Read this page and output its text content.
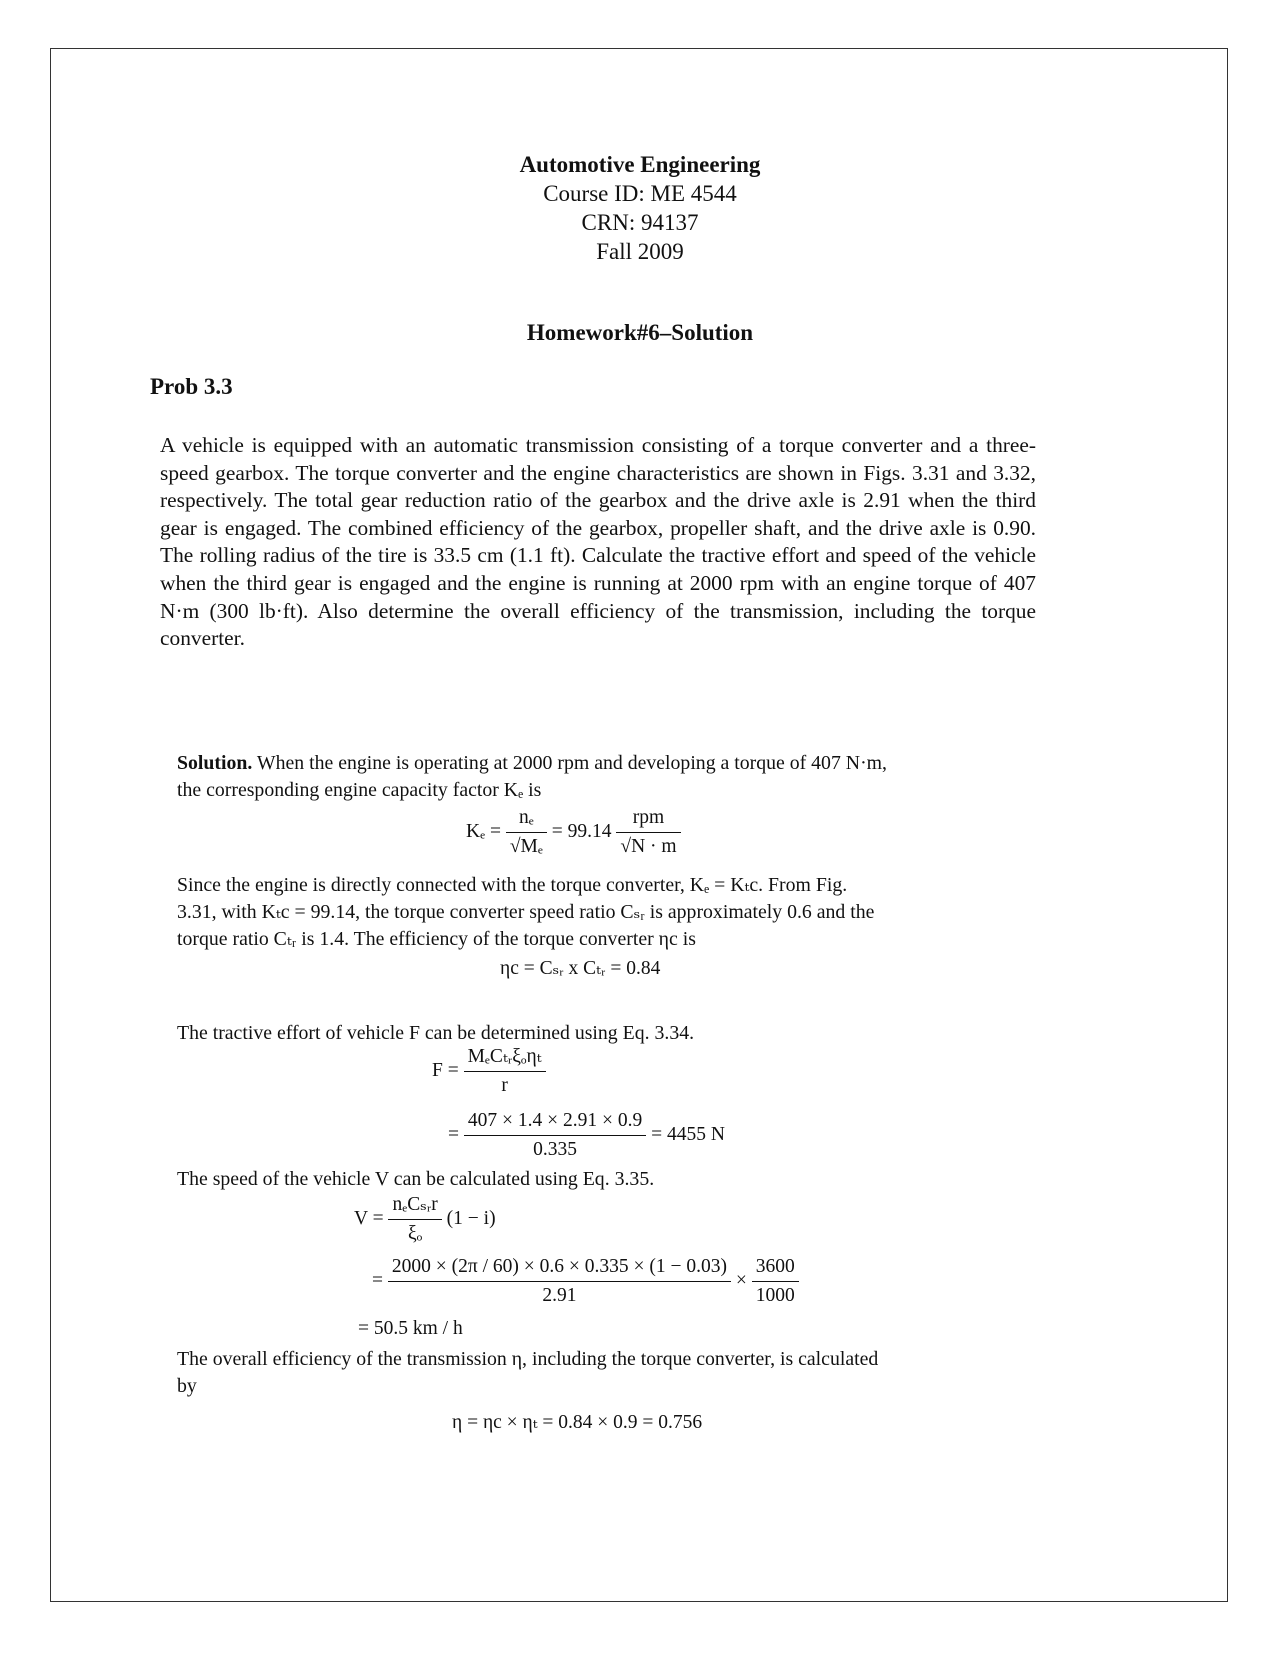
Automotive Engineering
Course ID: ME 4544
CRN: 94137
Fall 2009
Homework#6–Solution
Prob 3.3
A vehicle is equipped with an automatic transmission consisting of a torque converter and a three-speed gearbox. The torque converter and the engine characteristics are shown in Figs. 3.31 and 3.32, respectively. The total gear reduction ratio of the gearbox and the drive axle is 2.91 when the third gear is engaged. The combined efficiency of the gearbox, propeller shaft, and the drive axle is 0.90. The rolling radius of the tire is 33.5 cm (1.1 ft). Calculate the tractive effort and speed of the vehicle when the third gear is engaged and the engine is running at 2000 rpm with an engine torque of 407 N·m (300 lb·ft). Also determine the overall efficiency of the transmission, including the torque converter.
Solution. When the engine is operating at 2000 rpm and developing a torque of 407 N·m,
the corresponding engine capacity factor Kₑ is
$K_e = \frac{\text{nₑ}}{\text{√Mₑ}} = 99.14 \frac{\text{rpm}}{√N \cdot m}$
Since the engine is directly connected with the torque converter, Kₑ = Kₜc. From Fig.
3.31, with Kₜc = 99.14, the torque converter speed ratio Cₛᵣ is approximately 0.6 and the
torque ratio Cₜᵣ is 1.4. The efficiency of the torque converter ηc is
ηc = Cₛᵣ x Cₜᵣ = 0.84
The tractive effort of vehicle F can be determined using Eq. 3.34.
$F = \frac{\text{MₑCₜᵣξₒηₜ}}{r}$
= $\frac{407 \times 1.4 \times 2.91 \times 0.9}{0.335} = 4455$ N
The speed of the vehicle V can be calculated using Eq. 3.35.
$V = \frac{\text{nₑCₛᵣr}}{\text{ξₒ}} (1 - i)$
= $\frac{2000 \times (2\pi / 60) \times 0.6 \times 0.335 \times (1 - 0.03)}{2.91} \times \frac{3600}{1000}$
= 50.5 km / h
The overall efficiency of the transmission η, including the torque converter, is calculated
by
η = ηc × ηₜ = 0.84 × 0.9 = 0.756
